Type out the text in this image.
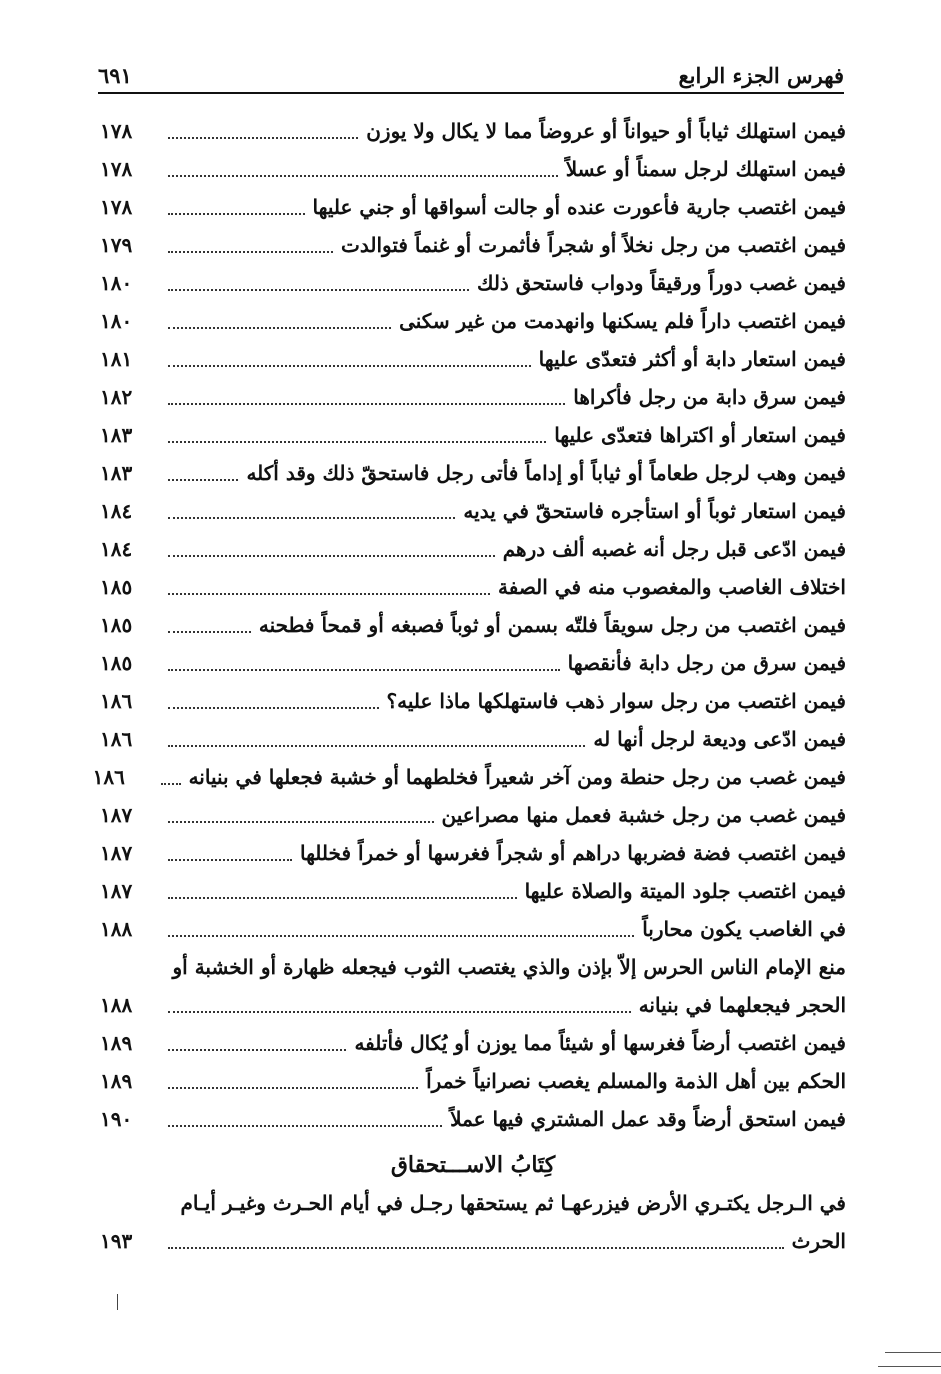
فهرس الجزء الرابع
٦٩١
فيمن استهلك ثياباً أو حيواناً أو عروضاً مما لا يكال ولا يوزن
١٧٨
فيمن استهلك لرجل سمناً أو عسلاً
١٧٨
فيمن اغتصب جارية فأعورت عنده أو جالت أسواقها أو جني عليها
١٧٨
فيمن اغتصب من رجل نخلاً أو شجراً فأثمرت أو غنماً فتوالدت
١٧٩
فيمن غصب دوراً ورقيقاً ودواب فاستحق ذلك
١٨٠
فيمن اغتصب داراً فلم يسكنها وانهدمت من غير سكنى
١٨٠
فيمن استعار دابة أو أكثر فتعدّى عليها
١٨١
فيمن سرق دابة من رجل فأكراها
١٨٢
فيمن استعار أو اكتراها فتعدّى عليها
١٨٣
فيمن وهب لرجل طعاماً أو ثياباً أو إداماً فأتى رجل فاستحقّ ذلك وقد أكله
١٨٣
فيمن استعار ثوباً أو استأجره فاستحقّ في يديه
١٨٤
فيمن ادّعى قبل رجل أنه غصبه ألف درهم
١٨٤
اختلاف الغاصب والمغصوب منه في الصفة
١٨٥
فيمن اغتصب من رجل سويقاً فلتّه بسمن أو ثوباً فصبغه أو قمحاً فطحنه
١٨٥
فيمن سرق من رجل دابة فأنقصها
١٨٥
فيمن اغتصب من رجل سوار ذهب فاستهلكها ماذا عليه؟
١٨٦
فيمن ادّعى وديعة لرجل أنها له
١٨٦
فيمن غصب من رجل حنطة ومن آخر شعيراً فخلطهما أو خشبة فجعلها في بنيانه
١٨٦
فيمن غصب من رجل خشبة فعمل منها مصراعين
١٨٧
فيمن اغتصب فضة فضربها دراهم أو شجراً فغرسها أو خمراً فخللها
١٨٧
فيمن اغتصب جلود الميتة والصلاة عليها
١٨٧
في الغاصب يكون محارباً
١٨٨
منع الإمام الناس الحرس إلاّ بإذن والذي يغتصب الثوب فيجعله ظهارة أو الخشبة أو
الحجر فيجعلهما في بنيانه
١٨٨
فيمن اغتصب أرضاً فغرسها أو شيئاً مما يوزن أو يُكال فأتلفه
١٨٩
الحكم بين أهل الذمة والمسلم يغصب نصرانياً خمراً
١٨٩
فيمن استحق أرضاً وقد عمل المشتري فيها عملاً
١٩٠
كِتَابُ الاســـتحقاق
في الـرجل يكتـري الأرض فيزرعهـا ثم يستحقها رجـل في أيام الحـرث وغيـر أيـام
الحرث
١٩٣
